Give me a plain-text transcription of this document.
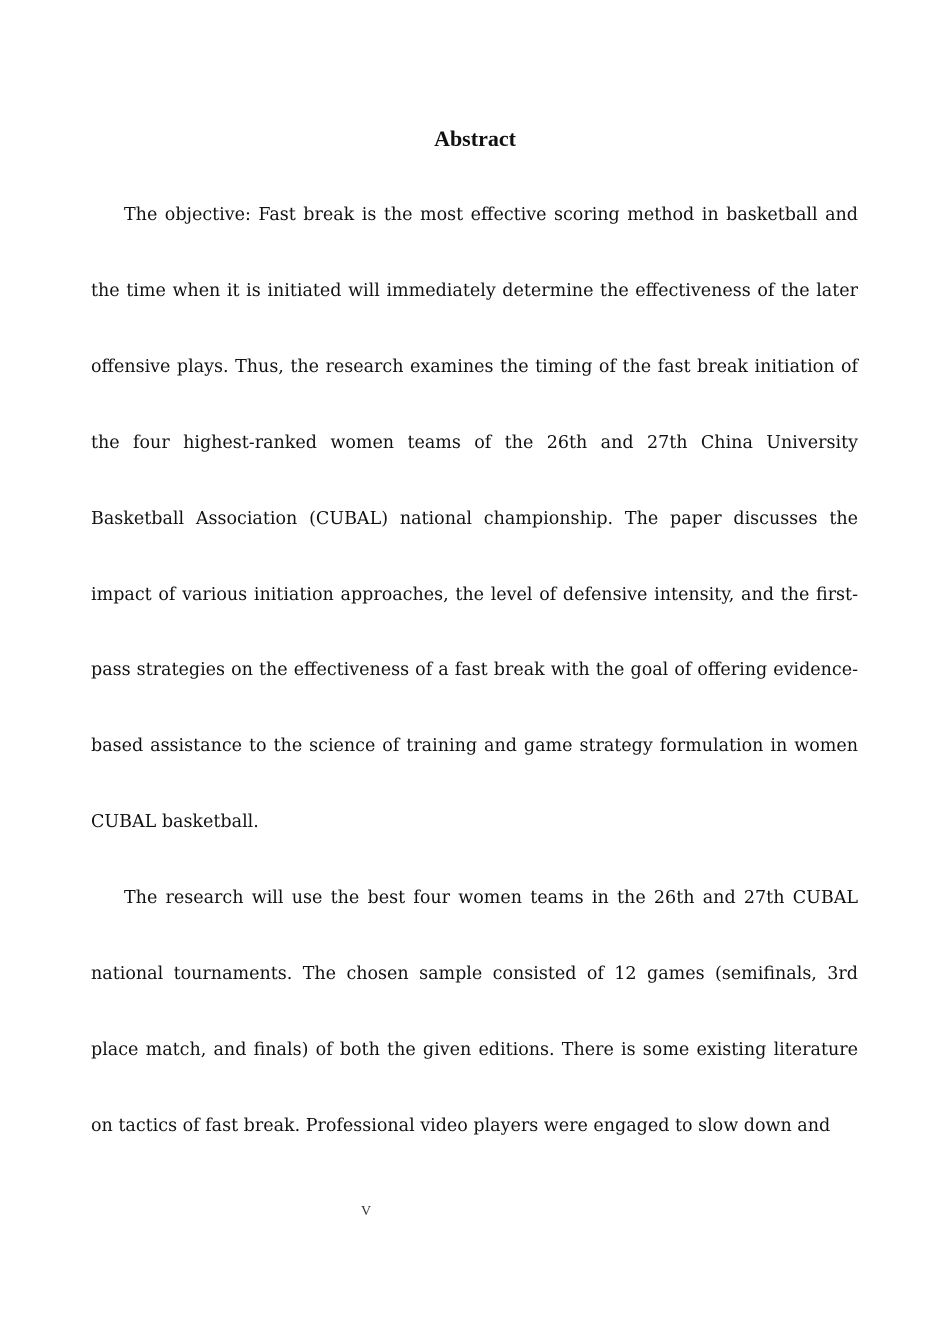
Abstract

The objective: Fast break is the most effective scoring method in basketball and the time when it is initiated will immediately determine the effectiveness of the later offensive plays. Thus, the research examines the timing of the fast break initiation of the four highest-ranked women teams of the 26th and 27th China University Basketball Association (CUBAL) national championship. The paper discusses the impact of various initiation approaches, the level of defensive intensity, and the first-pass strategies on the effectiveness of a fast break with the goal of offering evidence-based assistance to the science of training and game strategy formulation in women CUBAL basketball.

The research will use the best four women teams in the 26th and 27th CUBAL national tournaments. The chosen sample consisted of 12 games (semifinals, 3rd place match, and finals) of both the given editions. There is some existing literature on tactics of fast break. Professional video players were engaged to slow down and

V
